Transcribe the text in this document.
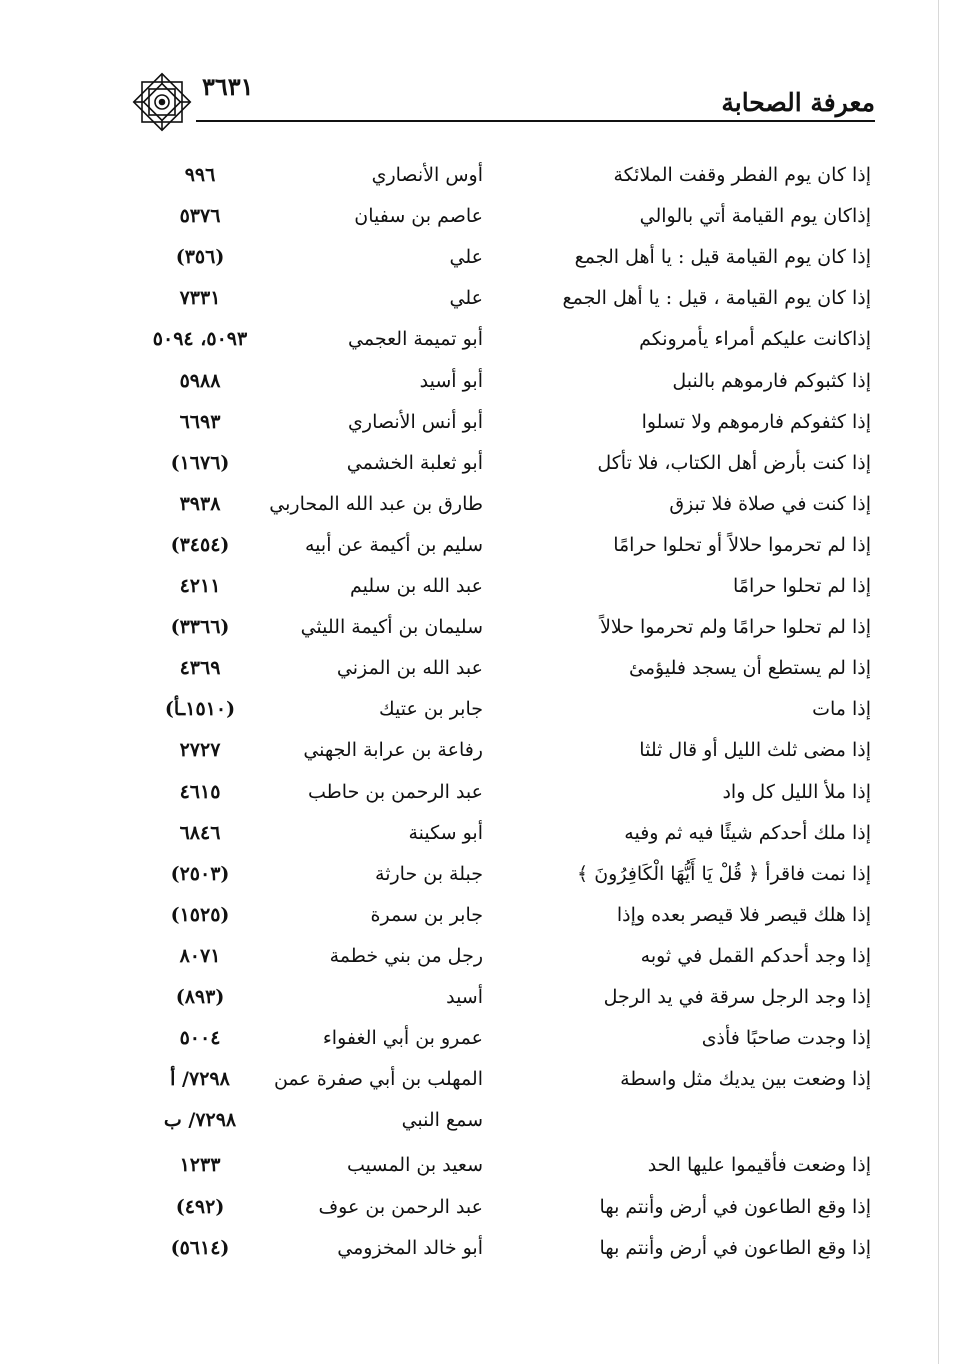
٣٦٣١
معرفة الصحابة
إذا كان يوم الفطر وقفت الملائكة
أوس الأنصاري
٩٩٦
إذاكان يوم القيامة أتي بالوالي
عاصم بن سفيان
٥٣٧٦
إذا كان يوم القيامة قيل : يا أهل الجمع
علي
(٣٥٦)
إذا كان يوم القيامة ، قيل : يا أهل الجمع
علي
٧٣٣١
إذاكانت عليكم أمراء يأمرونكم
أبو تميمة العجمي
٥٠٩٣، ٥٠٩٤
إذا كثبوكم فارموهم بالنبل
أبو أسيد
٥٩٨٨
إذا كثفوكم فارموهم ولا تسلوا
أبو أنس الأنصاري
٦٦٩٣
إذا كنت بأرض أهل الكتاب، فلا تأكل
أبو ثعلبة الخشمي
(١٦٧٦)
إذا كنت في صلاة فلا تبزق
طارق بن عبد الله المحاربي
٣٩٣٨
إذا لم تحرموا حلالاً أو تحلوا حرامًا
سليم بن أكيمة عن أبيه
(٣٤٥٤)
إذا لم تحلوا حرامًا
عبد الله بن سليم
٤٢١١
إذا لم تحلوا حرامًا ولم تحرموا حلالاً
سليمان بن أكيمة الليثي
(٣٣٦٦)
إذا لم يستطع أن يسجد فليؤمئ
عبد الله بن المزني
٤٣٦٩
إذا مات
جابر بن عتيك
(١٥١٠ـأ)
إذا مضى ثلث الليل أو قال ثلثا
رفاعة بن عرابة الجهني
٢٧٢٧
إذا ملأ الليل كل واد
عبد الرحمن بن حاطب
٤٦١٥
إذا ملك أحدكم شيئًا فيه ثم وفيه
أبو سكينة
٦٨٤٦
إذا نمت فاقرأ ﴿ قُلْ يَا أَيُّهَا الْكَافِرُونَ ﴾
جبلة بن حارثة
(٢٥٠٣)
إذا هلك قيصر فلا قيصر بعده وإذا
جابر بن سمرة
(١٥٢٥)
إذا وجد أحدكم القمل في ثوبه
رجل من بني خطمة
٨٠٧١
إذا وجد الرجل سرقة في يد الرجل
أسيد
(٨٩٣)
إذا وجدت صاحبًا فأذى
عمرو بن أبي الغفواء
٥٠٠٤
إذا وضعت بين يديك مثل واسطة
المهلب بن أبي صفرة عمن
٧٢٩٨/ أ
سمع النبي
٧٢٩٨/ ب
إذا وضعت فأقيموا عليها الحد
سعيد بن المسيب
١٢٣٣
إذا وقع الطاعون في أرض وأنتم بها
عبد الرحمن بن عوف
(٤٩٢)
إذا وقع الطاعون في أرض وأنتم بها
أبو خالد المخزومي
(٥٦١٤)
